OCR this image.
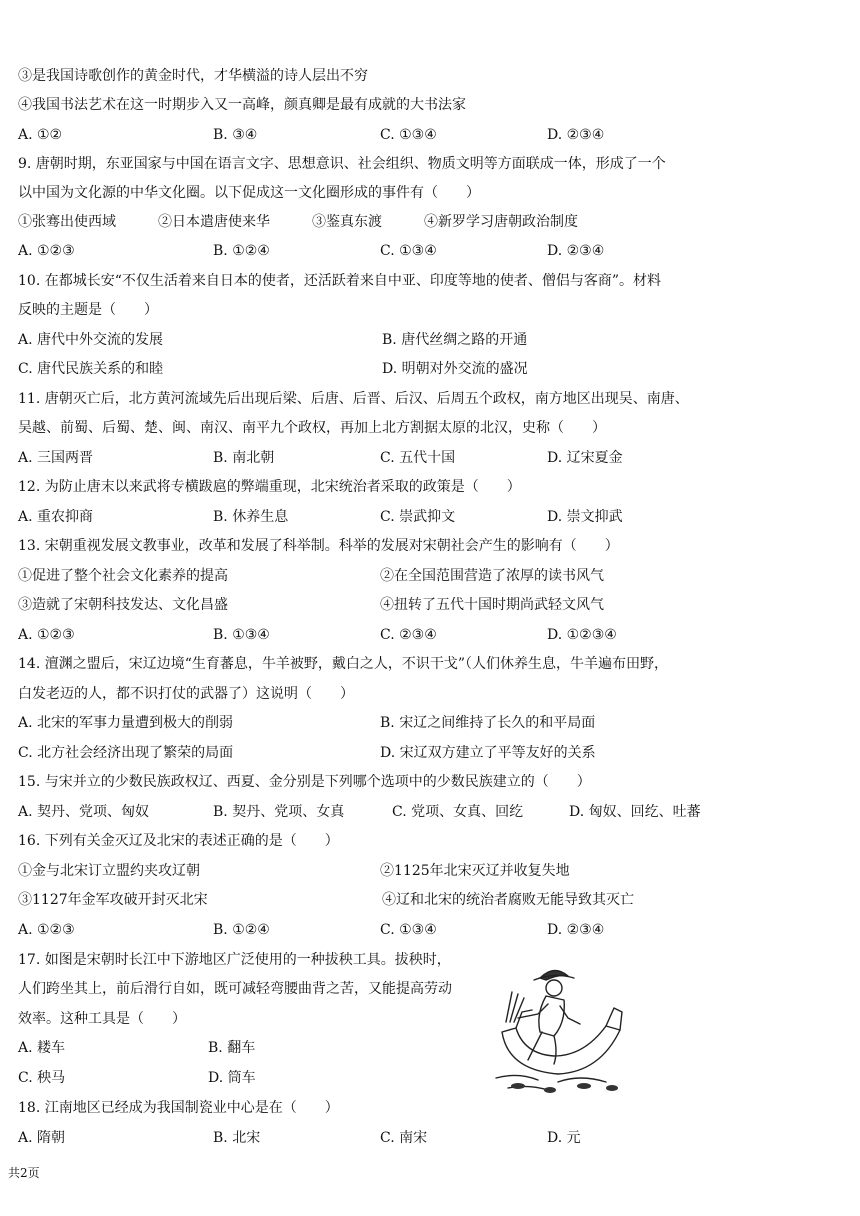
③是我国诗歌创作的黄金时代，才华横溢的诗人层出不穷
④我国书法艺术在这一时期步入又一高峰，颜真卿是最有成就的大书法家
A. ①②	B. ③④	C. ①③④	D. ②③④
9. 唐朝时期，东亚国家与中国在语言文字、思想意识、社会组织、物质文明等方面联成一体，形成了一个
以中国为文化源的中华文化圈。以下促成这一文化圈形成的事件有（　　）
①张骞出使西域　　　②日本遣唐使来华　　　③鉴真东渡　　　④新罗学习唐朝政治制度
A. ①②③	B. ①②④	C. ①③④	D. ②③④
10. 在都城长安“不仅生活着来自日本的使者，还活跃着来自中亚、印度等地的使者、僧侣与客商”。材料
反映的主题是（　　）
A. 唐代中外交流的发展	B. 唐代丝绸之路的开通
C. 唐代民族关系的和睦	D. 明朝对外交流的盛况
11. 唐朝灭亡后，北方黄河流域先后出现后梁、后唐、后晋、后汉、后周五个政权，南方地区出现吴、南唐、
吴越、前蜀、后蜀、楚、闽、南汉、南平九个政权，再加上北方割据太原的北汉，史称（　　）
A. 三国两晋	B. 南北朝	C. 五代十国	D. 辽宋夏金
12. 为防止唐末以来武将专横跋扈的弊端重现，北宋统治者采取的政策是（　　）
A. 重农抑商	B. 休养生息	C. 崇武抑文	D. 崇文抑武
13. 宋朝重视发展文教事业，改革和发展了科举制。科举的发展对宋朝社会产生的影响有（　　）
①促进了整个社会文化素养的提高	②在全国范围营造了浓厚的读书风气
③造就了宋朝科技发达、文化昌盛	④扭转了五代十国时期尚武轻文风气
A. ①②③	B. ①③④	C. ②③④	D. ①②③④
14. 澶渊之盟后，宋辽边境“生育蕃息，牛羊被野，戴白之人，不识干戈”（人们休养生息，牛羊遍布田野，
白发老迈的人，都不识打仗的武器了）这说明（　　）
A. 北宋的军事力量遭到极大的削弱	B. 宋辽之间维持了长久的和平局面
C. 北方社会经济出现了繁荣的局面	D. 宋辽双方建立了平等友好的关系
15. 与宋并立的少数民族政权辽、西夏、金分别是下列哪个选项中的少数民族建立的（　　）
A. 契丹、党项、匈奴	B. 契丹、党项、女真	C. 党项、女真、回纥	D. 匈奴、回纥、吐蕃
16. 下列有关金灭辽及北宋的表述正确的是（　　）
①金与北宋订立盟约夹攻辽朝	②1125年北宋灭辽并收复失地
③1127年金军攻破开封灭北宋	④辽和北宋的统治者腐败无能导致其灭亡
A. ①②③	B. ①②④	C. ①③④	D. ②③④
17. 如图是宋朝时长江中下游地区广泛使用的一种拔秧工具。拔秧时，
人们跨坐其上，前后滑行自如，既可减轻弯腰曲背之苦，又能提高劳动
效率。这种工具是（　　）
A. 耧车	B. 翻车
C. 秧马	D. 筒车
18. 江南地区已经成为我国制瓷业中心是在（　　）
A. 隋朝	B. 北宋	C. 南宋	D. 元
共2页
